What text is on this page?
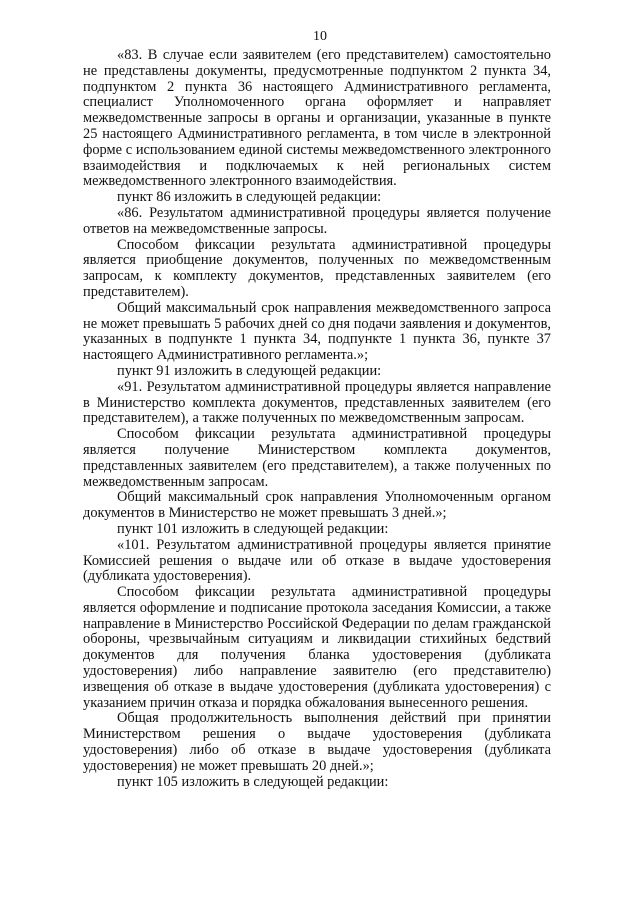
10

«83. В случае если заявителем (его представителем) самостоятельно не представлены документы, предусмотренные подпунктом 2 пункта 34, подпунктом 2 пункта 36 настоящего Административного регламента, специалист Уполномоченного органа оформляет и направляет межведомственные запросы в органы и организации, указанные в пункте 25 настоящего Административного регламента, в том числе в электронной форме с использованием единой системы межведомственного электронного взаимодействия и подключаемых к ней региональных систем межведомственного электронного взаимодействия.

пункт 86 изложить в следующей редакции:

«86. Результатом административной процедуры является получение ответов на межведомственные запросы.

Способом фиксации результата административной процедуры является приобщение документов, полученных по межведомственным запросам, к комплекту документов, представленных заявителем (его представителем).

Общий максимальный срок направления межведомственного запроса не может превышать 5 рабочих дней со дня подачи заявления и документов, указанных в подпункте 1 пункта 34, подпункте 1 пункта 36, пункте 37 настоящего Административного регламента.»;

пункт 91 изложить в следующей редакции:

«91. Результатом административной процедуры является направление в Министерство комплекта документов, представленных заявителем (его представителем), а также полученных по межведомственным запросам.

Способом фиксации результата административной процедуры является получение Министерством комплекта документов, представленных заявителем (его представителем), а также полученных по межведомственным запросам.

Общий максимальный срок направления Уполномоченным органом документов в Министерство не может превышать 3 дней.»;

пункт 101 изложить в следующей редакции:

«101. Результатом административной процедуры является принятие Комиссией решения о выдаче или об отказе в выдаче удостоверения (дубликата удостоверения).

Способом фиксации результата административной процедуры является оформление и подписание протокола заседания Комиссии, а также направление в Министерство Российской Федерации по делам гражданской обороны, чрезвычайным ситуациям и ликвидации стихийных бедствий документов для получения бланка удостоверения (дубликата удостоверения) либо направление заявителю (его представителю) извещения об отказе в выдаче удостоверения (дубликата удостоверения) с указанием причин отказа и порядка обжалования вынесенного решения.

Общая продолжительность выполнения действий при принятии Министерством решения о выдаче удостоверения (дубликата удостоверения) либо об отказе в выдаче удостоверения (дубликата удостоверения) не может превышать 20 дней.»;

пункт 105 изложить в следующей редакции:
